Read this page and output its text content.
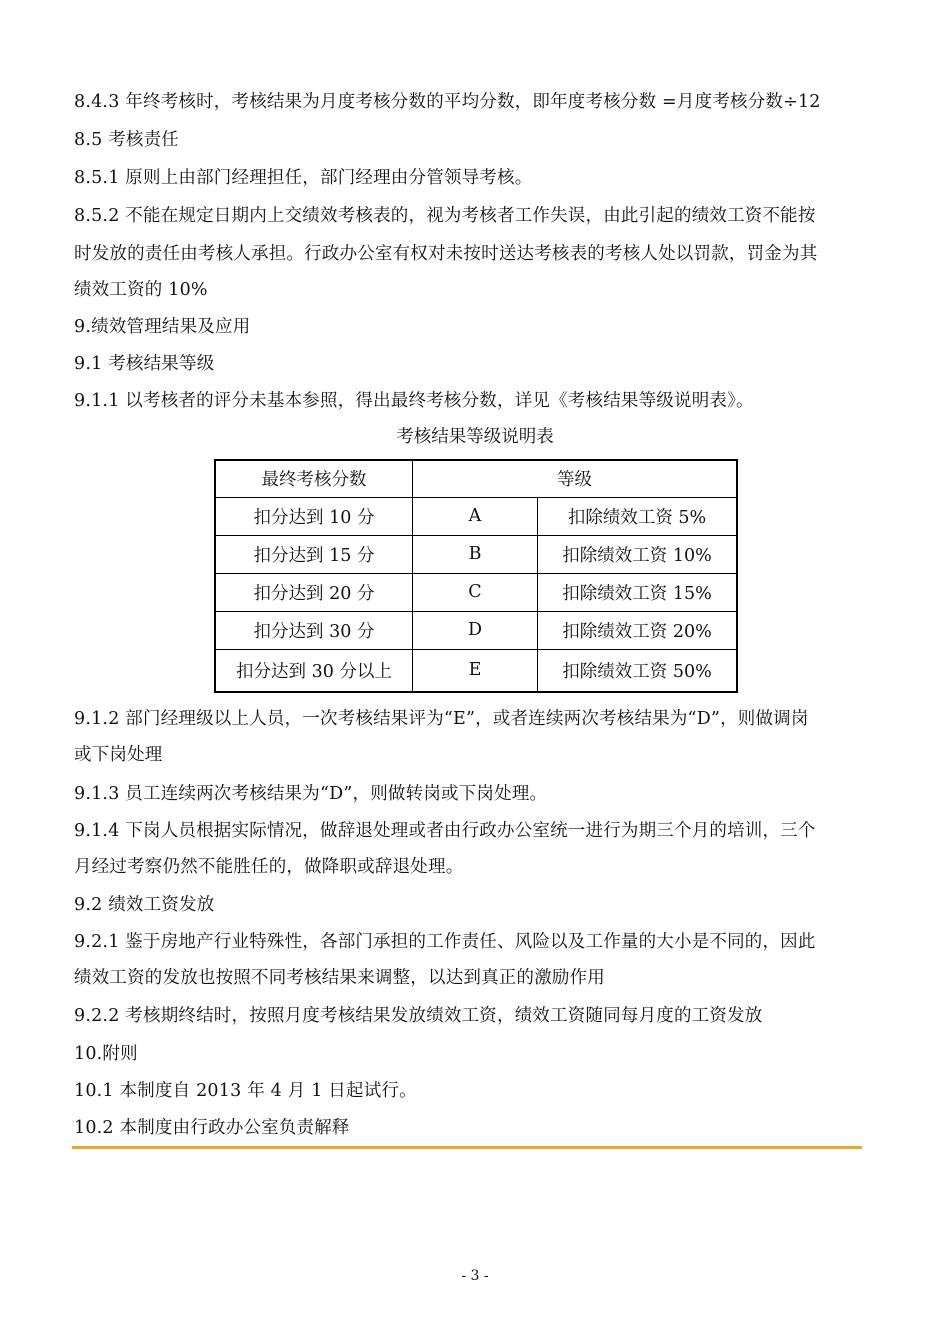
8.4.3 年终考核时，考核结果为月度考核分数的平均分数，即年度考核分数 =月度考核分数÷12
8.5 考核责任
8.5.1 原则上由部门经理担任，部门经理由分管领导考核。
8.5.2 不能在规定日期内上交绩效考核表的，视为考核者工作失误，由此引起的绩效工资不能按
时发放的责任由考核人承担。行政办公室有权对未按时送达考核表的考核人处以罚款，罚金为其
绩效工资的 10%
9.绩效管理结果及应用
9.1 考核结果等级
9.1.1 以考核者的评分未基本参照，得出最终考核分数，详见《考核结果等级说明表》。
考核结果等级说明表
最终考核分数	等级	
扣分达到 10 分	A	扣除绩效工资 5%
扣分达到 15 分	B	扣除绩效工资 10%
扣分达到 20 分	C	扣除绩效工资 15%
扣分达到 30 分	D	扣除绩效工资 20%
扣分达到 30 分以上	E	扣除绩效工资 50%
9.1.2 部门经理级以上人员，一次考核结果评为“E”，或者连续两次考核结果为“D”，则做调岗
或下岗处理
9.1.3 员工连续两次考核结果为“D”，则做转岗或下岗处理。
9.1.4 下岗人员根据实际情况，做辞退处理或者由行政办公室统一进行为期三个月的培训，三个
月经过考察仍然不能胜任的，做降职或辞退处理。
9.2 绩效工资发放
9.2.1 鉴于房地产行业特殊性，各部门承担的工作责任、风险以及工作量的大小是不同的，因此
绩效工资的发放也按照不同考核结果来调整，以达到真正的激励作用
9.2.2 考核期终结时，按照月度考核结果发放绩效工资，绩效工资随同每月度的工资发放
10.附则
10.1 本制度自 2013 年 4 月 1 日起试行。
10.2 本制度由行政办公室负责解释
- 3 -
